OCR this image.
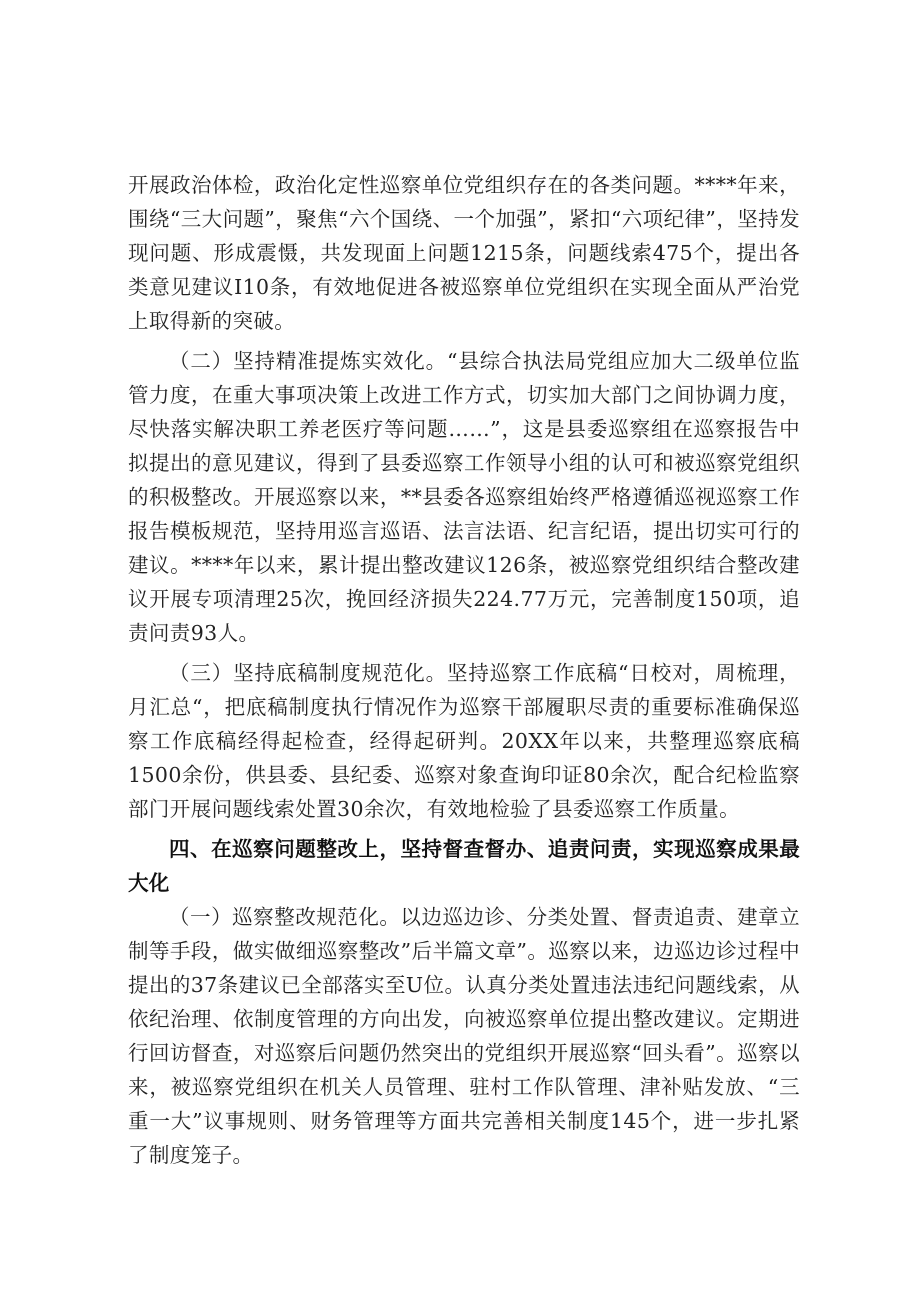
开展政治体检，政治化定性巡察单位党组织存在的各类问题。****年来，围绕“三大问题”，聚焦“六个国绕、一个加强”，紧扣“六项纪律”，坚持发现问题、形成震慑，共发现面上问题1215条，问题线索475个，提出各类意见建议I10条，有效地促进各被巡察单位党组织在实现全面从严治党上取得新的突破。

（二）坚持精准提炼实效化。“县综合执法局党组应加大二级单位监管力度，在重大事项决策上改进工作方式，切实加大部门之间协调力度，尽快落实解决职工养老医疗等问题……”，这是县委巡察组在巡察报告中拟提出的意见建议，得到了县委巡察工作领导小组的认可和被巡察党组织的积极整改。开展巡察以来，**县委各巡察组始终严格遵循巡视巡察工作报告模板规范，坚持用巡言巡语、法言法语、纪言纪语，提出切实可行的建议。****年以来，累计提出整改建议126条，被巡察党组织结合整改建议开展专项清理25次，挽回经济损失224.77万元，完善制度150项，追责问责93人。

（三）坚持底稿制度规范化。坚持巡察工作底稿“日校对，周梳理，月汇总“，把底稿制度执行情况作为巡察干部履职尽责的重要标准确保巡察工作底稿经得起检查，经得起研判。20XX年以来，共整理巡察底稿1500余份，供县委、县纪委、巡察对象查询印证80余次，配合纪检监察部门开展问题线索处置30余次，有效地检验了县委巡察工作质量。

四、在巡察问题整改上，坚持督查督办、追责问责，实现巡察成果最大化

（一）巡察整改规范化。以边巡边诊、分类处置、督责追责、建章立制等手段，做实做细巡察整改”后半篇文章”。巡察以来，边巡边诊过程中提出的37条建议已全部落实至U位。认真分类处置违法违纪问题线索，从依纪治理、依制度管理的方向出发，向被巡察单位提出整改建议。定期进行回访督查，对巡察后问题仍然突出的党组织开展巡察“回头看”。巡察以来，被巡察党组织在机关人员管理、驻村工作队管理、津补贴发放、“三重一大”议事规则、财务管理等方面共完善相关制度145个，进一步扎紧了制度笼子。
